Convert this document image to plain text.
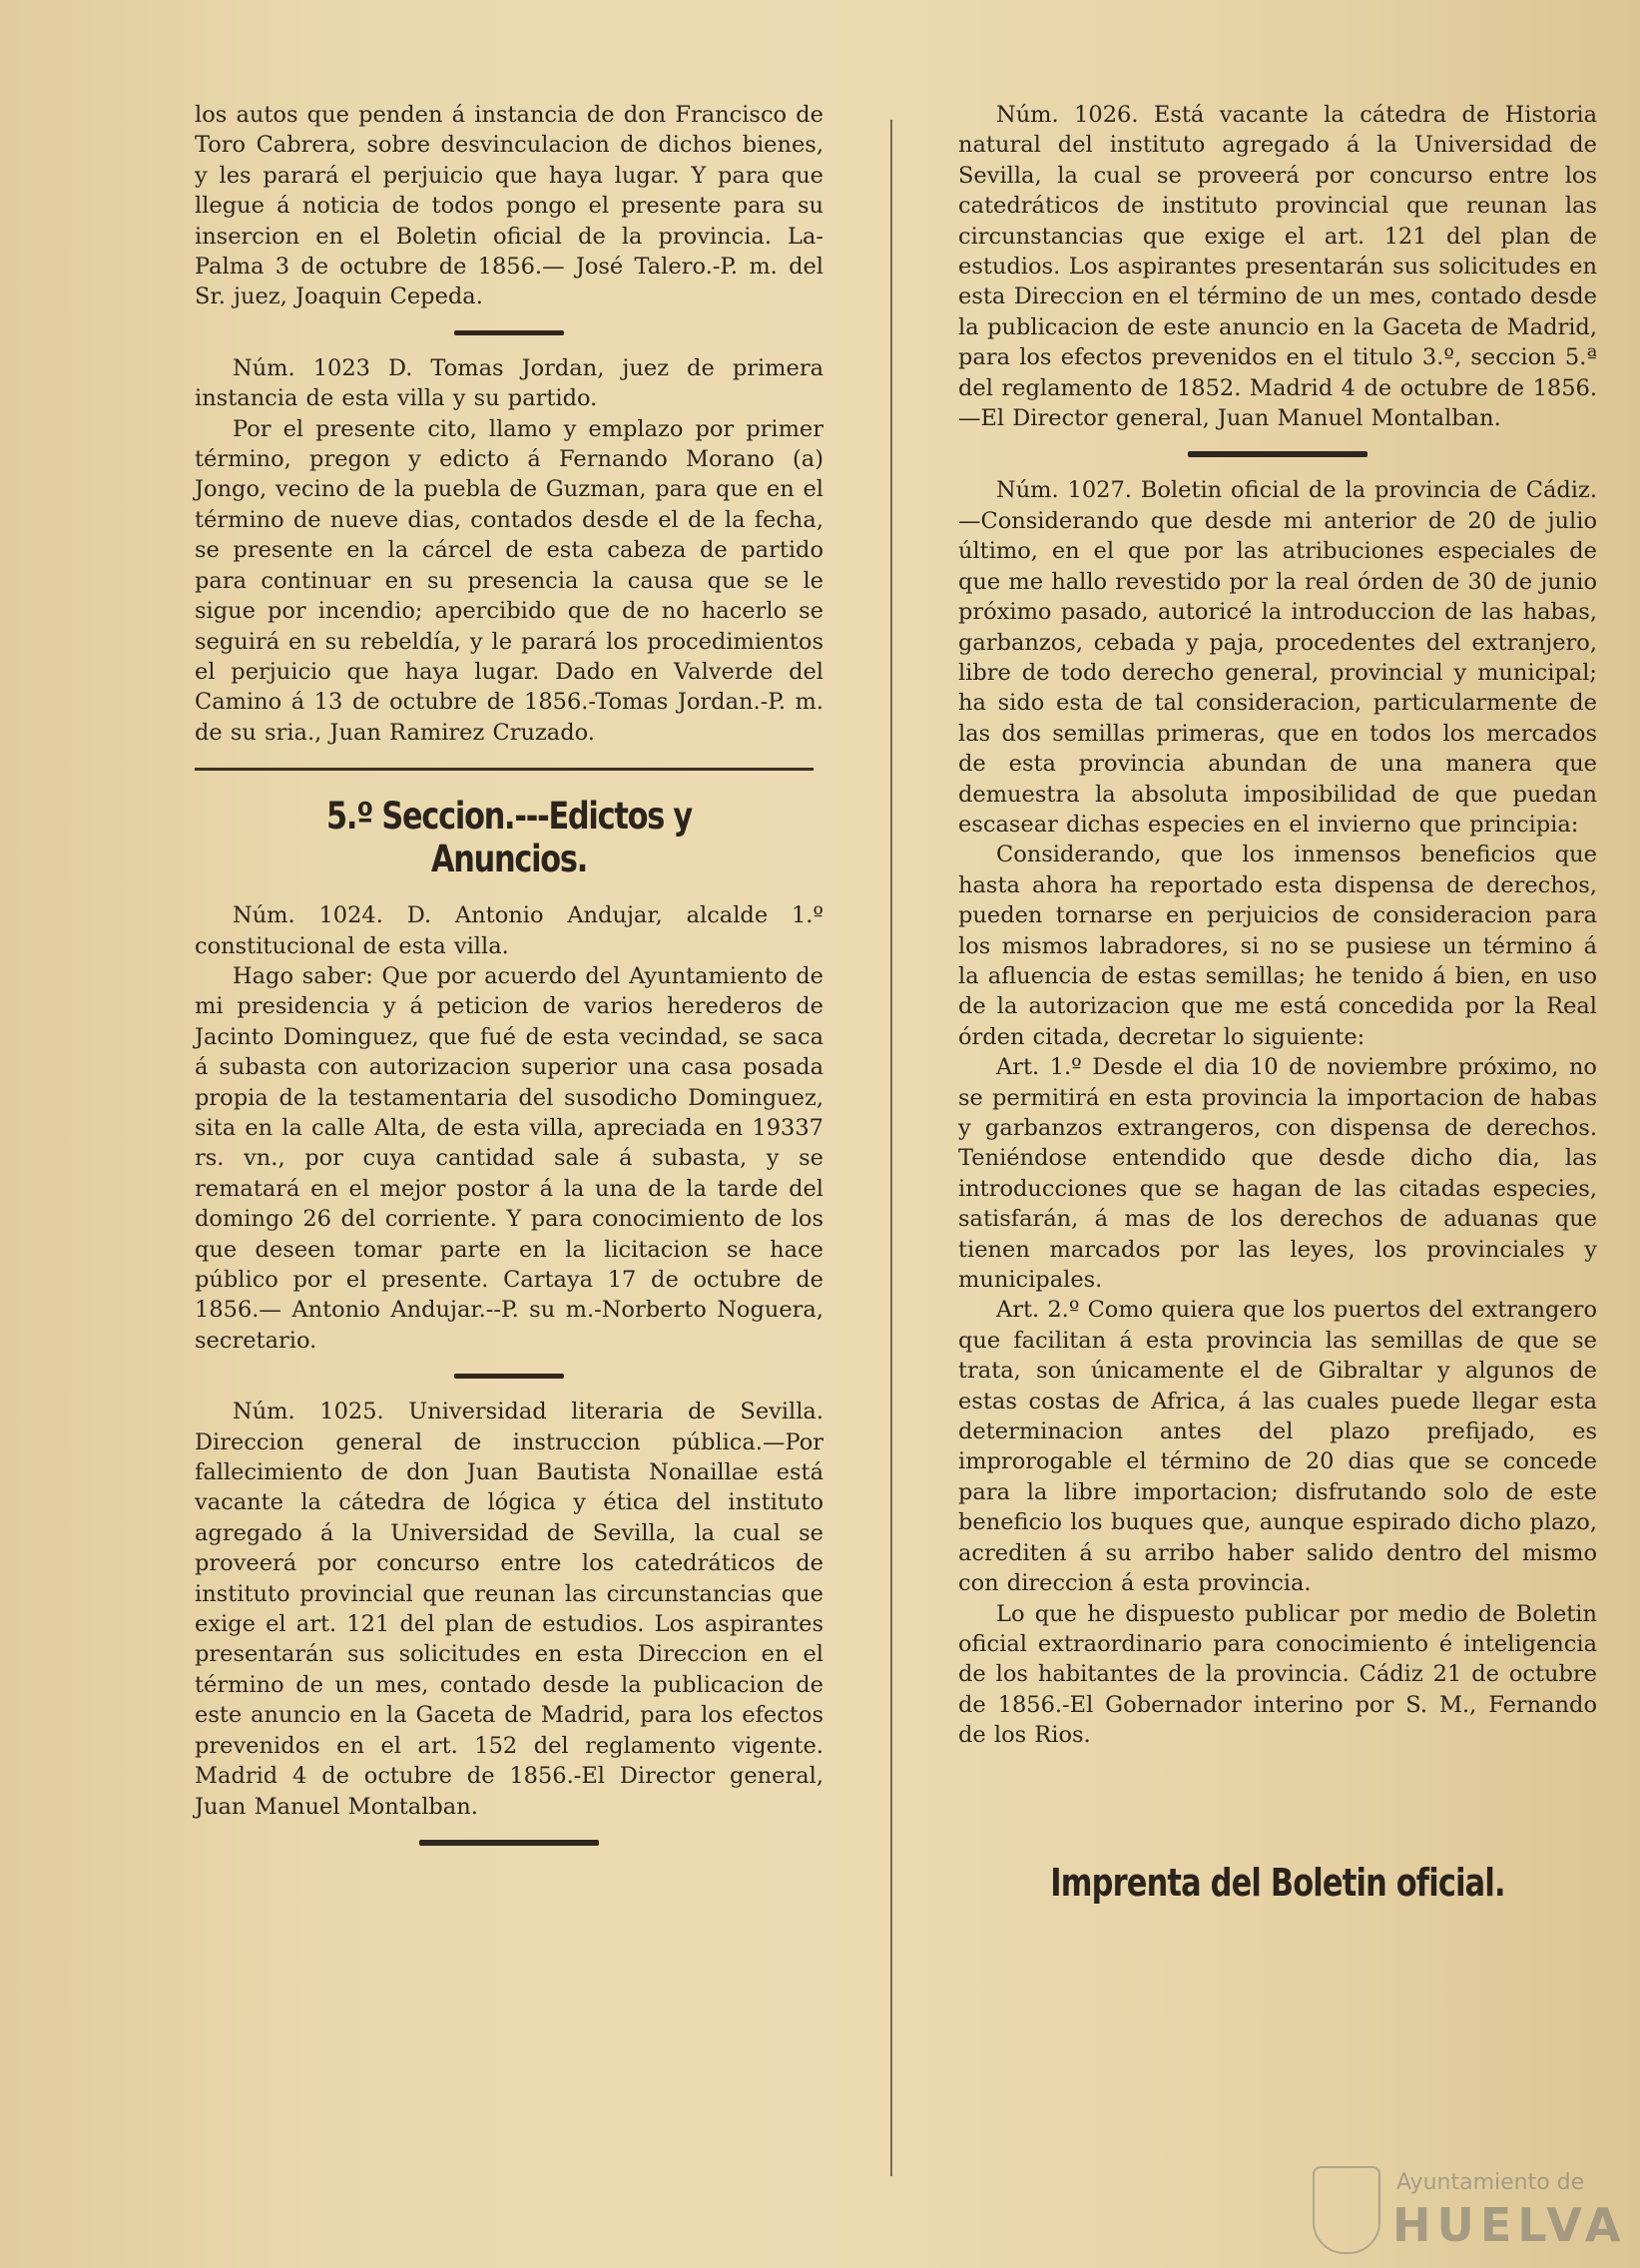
los autos que penden á instancia de don Francisco de Toro Cabrera, sobre desvinculacion de dichos bienes, y les parará el perjuicio que haya lugar. Y para que llegue á noticia de todos pongo el presente para su insercion en el Boletin oficial de la provincia. La-Palma 3 de octubre de 1856.— José Talero.-P. m. del Sr. juez, Joaquin Cepeda.

Núm. 1023 D. Tomas Jordan, juez de primera instancia de esta villa y su partido.

Por el presente cito, llamo y emplazo por primer término, pregon y edicto á Fernando Morano (a) Jongo, vecino de la puebla de Guzman, para que en el término de nueve dias, contados desde el de la fecha, se presente en la cárcel de esta cabeza de partido para continuar en su presencia la causa que se le sigue por incendio; apercibido que de no hacerlo se seguirá en su rebeldía, y le parará los procedimientos el perjuicio que haya lugar. Dado en Valverde del Camino á 13 de octubre de 1856.-Tomas Jordan.-P. m. de su sria., Juan Ramirez Cruzado.

5.º Seccion.---Edictos y Anuncios.

Núm. 1024. D. Antonio Andujar, alcalde 1.º constitucional de esta villa.

Hago saber: Que por acuerdo del Ayuntamiento de mi presidencia y á peticion de varios herederos de Jacinto Dominguez, que fué de esta vecindad, se saca á subasta con autorizacion superior una casa posada propia de la testamentaria del susodicho Dominguez, sita en la calle Alta, de esta villa, apreciada en 19337 rs. vn., por cuya cantidad sale á subasta, y se rematará en el mejor postor á la una de la tarde del domingo 26 del corriente. Y para conocimiento de los que deseen tomar parte en la licitacion se hace público por el presente. Cartaya 17 de octubre de 1856.— Antonio Andujar.--P. su m.-Norberto Noguera, secretario.

Núm. 1025. Universidad literaria de Sevilla. Direccion general de instruccion pública.—Por fallecimiento de don Juan Bautista Nonaillae está vacante la cátedra de lógica y ética del instituto agregado á la Universidad de Sevilla, la cual se proveerá por concurso entre los catedráticos de instituto provincial que reunan las circunstancias que exige el art. 121 del plan de estudios. Los aspirantes presentarán sus solicitudes en esta Direccion en el término de un mes, contado desde la publicacion de este anuncio en la Gaceta de Madrid, para los efectos prevenidos en el art. 152 del reglamento vigente. Madrid 4 de octubre de 1856.-El Director general, Juan Manuel Montalban.

Núm. 1026. Está vacante la cátedra de Historia natural del instituto agregado á la Universidad de Sevilla, la cual se proveerá por concurso entre los catedráticos de instituto provincial que reunan las circunstancias que exige el art. 121 del plan de estudios. Los aspirantes presentarán sus solicitudes en esta Direccion en el término de un mes, contado desde la publicacion de este anuncio en la Gaceta de Madrid, para los efectos prevenidos en el titulo 3.º, seccion 5.ª del reglamento de 1852. Madrid 4 de octubre de 1856.—El Director general, Juan Manuel Montalban.

Núm. 1027. Boletin oficial de la provincia de Cádiz.—Considerando que desde mi anterior de 20 de julio último, en el que por las atribuciones especiales de que me hallo revestido por la real órden de 30 de junio próximo pasado, autoricé la introduccion de las habas, garbanzos, cebada y paja, procedentes del extranjero, libre de todo derecho general, provincial y municipal; ha sido esta de tal consideracion, particularmente de las dos semillas primeras, que en todos los mercados de esta provincia abundan de una manera que demuestra la absoluta imposibilidad de que puedan escasear dichas especies en el invierno que principia:

Considerando, que los inmensos beneficios que hasta ahora ha reportado esta dispensa de derechos, pueden tornarse en perjuicios de consideracion para los mismos labradores, si no se pusiese un término á la afluencia de estas semillas; he tenido á bien, en uso de la autorizacion que me está concedida por la Real órden citada, decretar lo siguiente:

Art. 1.º Desde el dia 10 de noviembre próximo, no se permitirá en esta provincia la importacion de habas y garbanzos extrangeros, con dispensa de derechos. Teniéndose entendido que desde dicho dia, las introducciones que se hagan de las citadas especies, satisfarán, á mas de los derechos de aduanas que tienen marcados por las leyes, los provinciales y municipales.

Art. 2.º Como quiera que los puertos del extrangero que facilitan á esta provincia las semillas de que se trata, son únicamente el de Gibraltar y algunos de estas costas de Africa, á las cuales puede llegar esta determinacion antes del plazo prefijado, es improrogable el término de 20 dias que se concede para la libre importacion; disfrutando solo de este beneficio los buques que, aunque espirado dicho plazo, acrediten á su arribo haber salido dentro del mismo con direccion á esta provincia.

Lo que he dispuesto publicar por medio de Boletin oficial extraordinario para conocimiento é inteligencia de los habitantes de la provincia. Cádiz 21 de octubre de 1856.-El Gobernador interino por S. M., Fernando de los Rios.

Imprenta del Boletin oficial.
Ayuntamiento de
HUELVA
